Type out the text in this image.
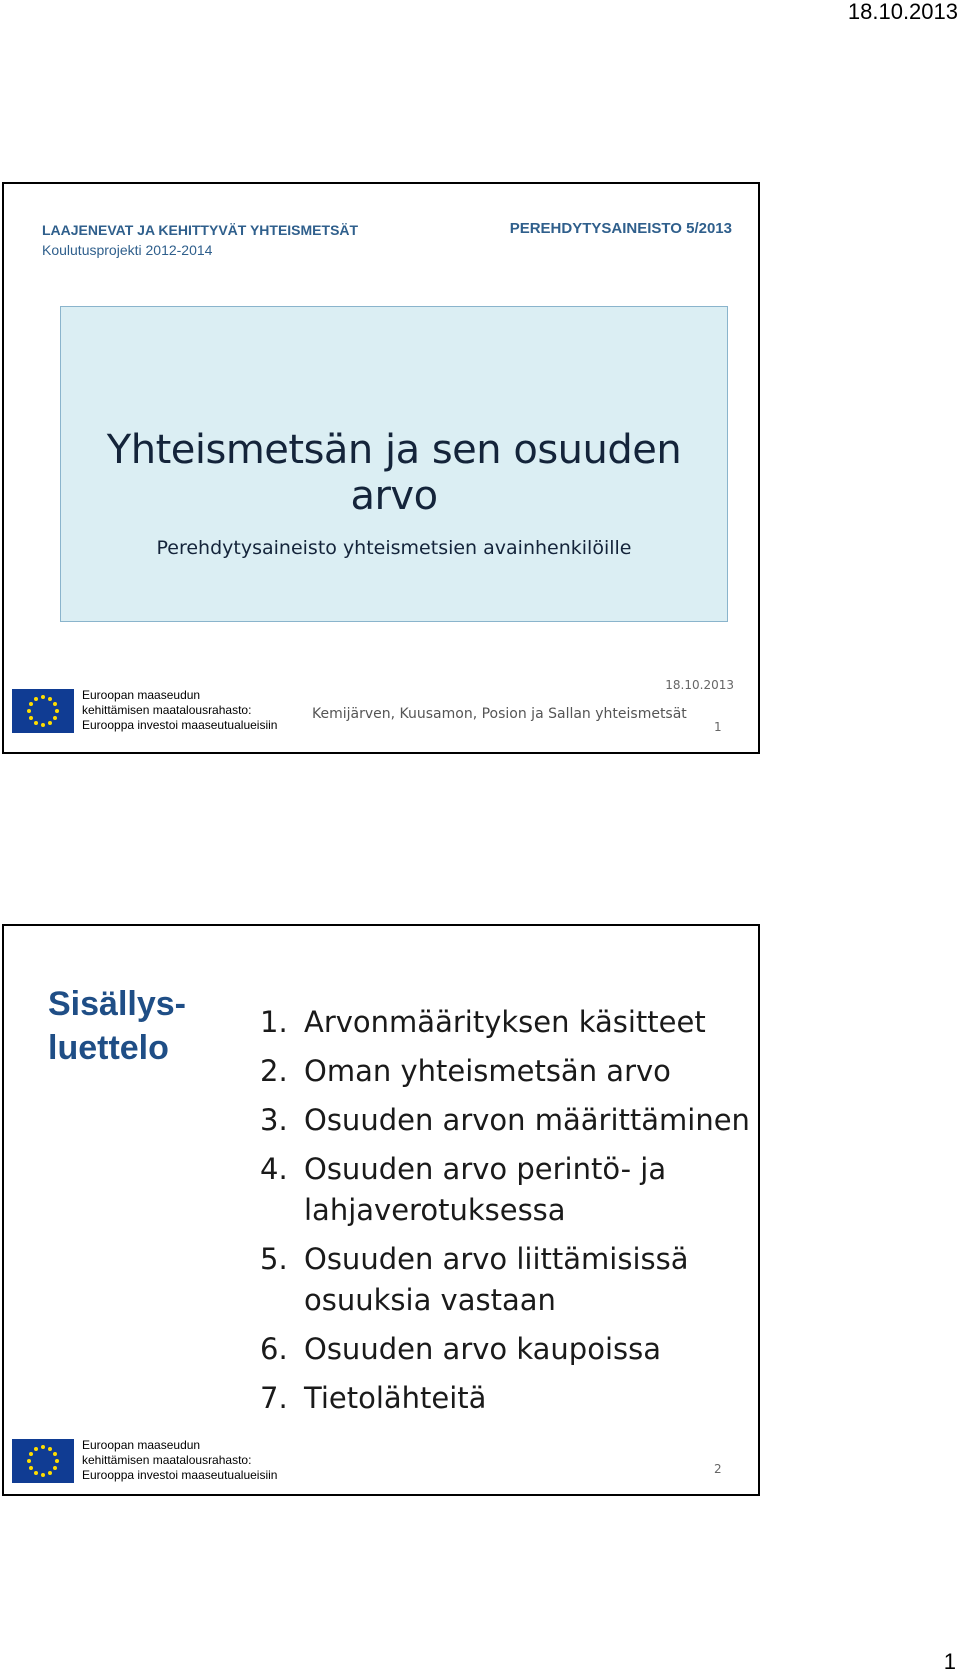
18.10.2013
LAAJENEVAT JA KEHITTYVÄT YHTEISMETSÄT
Koulutusprojekti 2012-2014
PEREHDYTYSAINEISTO 5/2013
Yhteismetsän ja sen osuuden arvo
Perehdytysaineisto yhteismetsien avainhenkilöille
Euroopan maaseudun
kehittämisen maatalousrahasto:
Eurooppa investoi maaseutualueisiin
Kemijärven, Kuusamon, Posion ja Sallan yhteismetsät
18.10.2013
1
Sisällys-
luettelo
1. Arvonmäärityksen käsitteet
2. Oman yhteismetsän arvo
3. Osuuden arvon määrittäminen
4. Osuuden arvo perintö- ja lahjaverotuksessa
5. Osuuden arvo liittämisissä osuuksia vastaan
6. Osuuden arvo kaupoissa
7. Tietolähteitä
Euroopan maaseudun
kehittämisen maatalousrahasto:
Eurooppa investoi maaseutualueisiin	2
1
